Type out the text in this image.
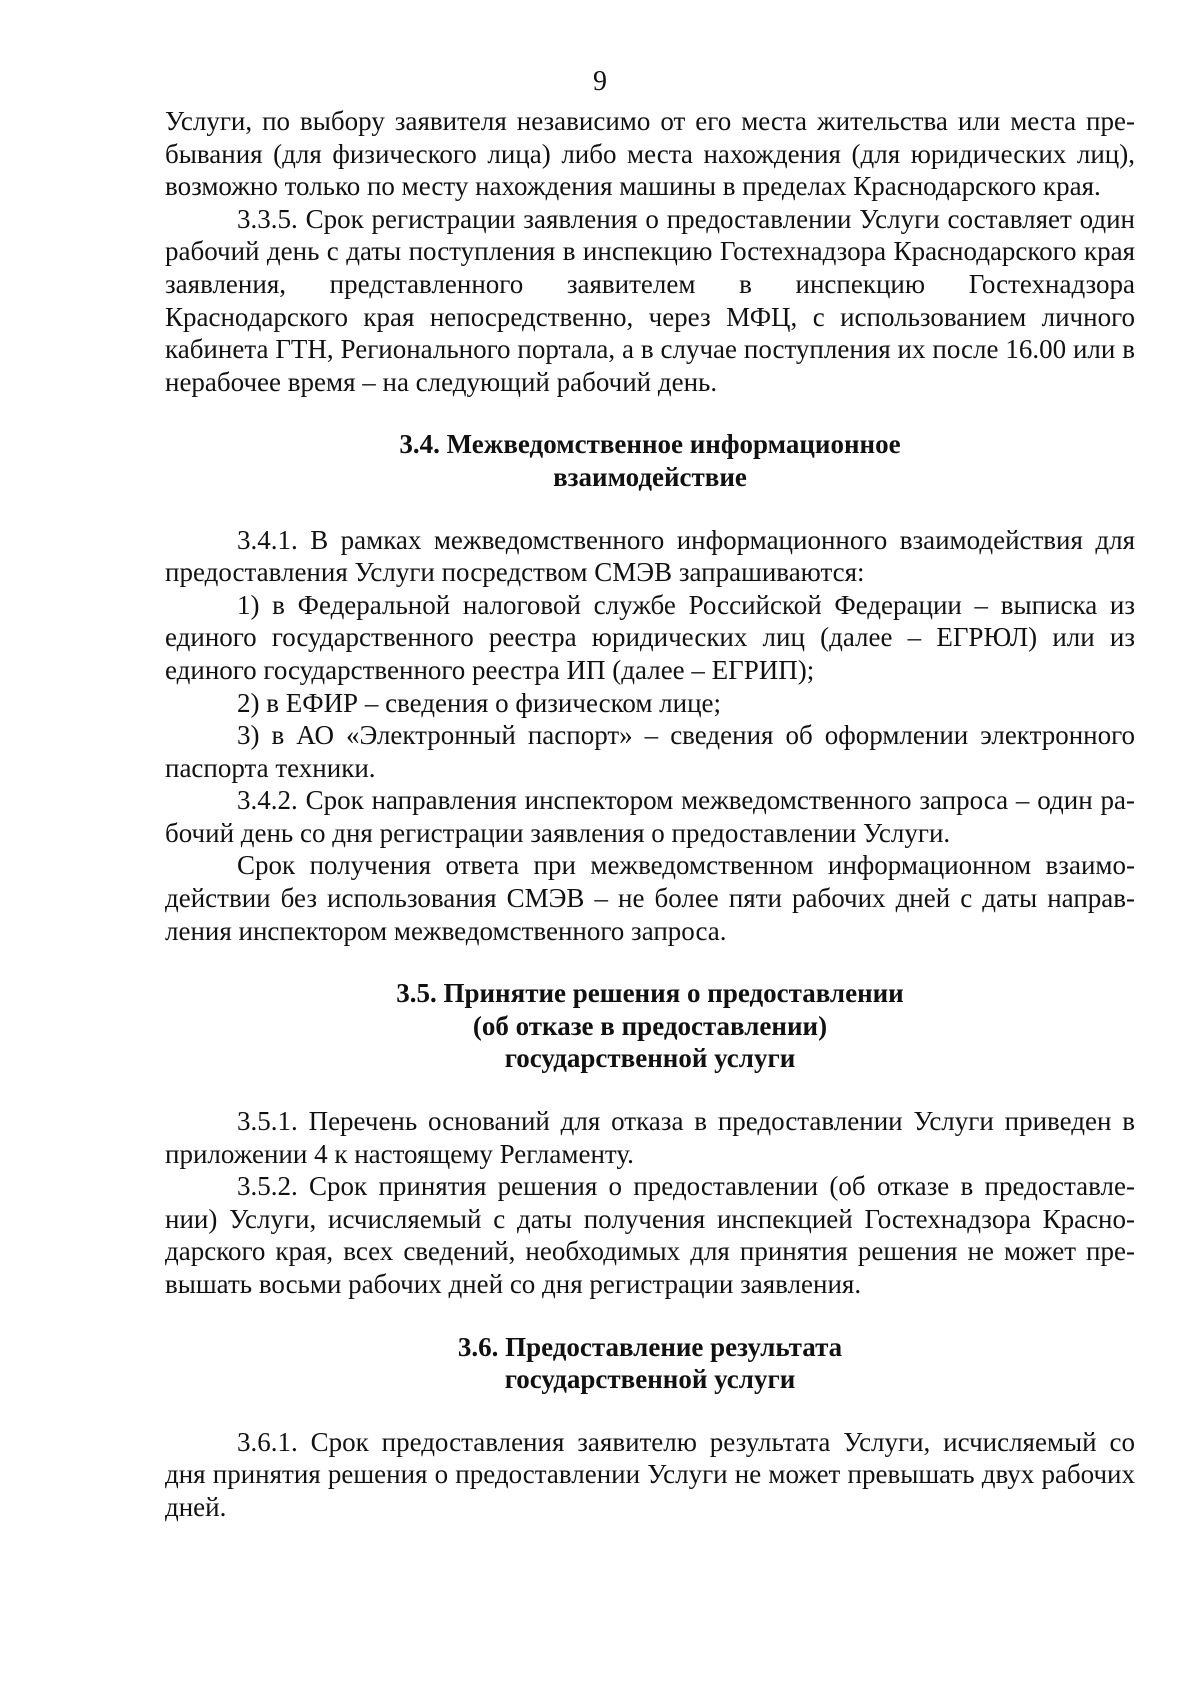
9

Услуги, по выбору заявителя независимо от его места жительства или места пребывания (для физического лица) либо места нахождения (для юридических лиц), возможно только по месту нахождения машины в пределах Краснодарского края.

3.3.5. Срок регистрации заявления о предоставлении Услуги составляет один рабочий день с даты поступления в инспекцию Гостехнадзора Краснодарского края заявления, представленного заявителем в инспекцию Гостехнадзора Краснодарского края непосредственно, через МФЦ, с использованием личного кабинета ГТН, Регионального портала, а в случае поступления их после 16.00 или в нерабочее время – на следующий рабочий день.

3.4. Межведомственное информационное
взаимодействие

3.4.1. В рамках межведомственного информационного взаимодействия для предоставления Услуги посредством СМЭВ запрашиваются:

1) в Федеральной налоговой службе Российской Федерации – выписка из единого государственного реестра юридических лиц (далее – ЕГРЮЛ) или из единого государственного реестра ИП (далее – ЕГРИП);

2) в ЕФИР – сведения о физическом лице;

3) в АО «Электронный паспорт» – сведения об оформлении электронного паспорта техники.

3.4.2. Срок направления инспектором межведомственного запроса – один рабочий день со дня регистрации заявления о предоставлении Услуги.

Срок получения ответа при межведомственном информационном взаимодействии без использования СМЭВ – не более пяти рабочих дней с даты направления инспектором межведомственного запроса.

3.5. Принятие решения о предоставлении
(об отказе в предоставлении)
государственной услуги

3.5.1. Перечень оснований для отказа в предоставлении Услуги приведен в приложении 4 к настоящему Регламенту.

3.5.2. Срок принятия решения о предоставлении (об отказе в предоставлении) Услуги, исчисляемый с даты получения инспекцией Гостехнадзора Краснодарского края, всех сведений, необходимых для принятия решения не может превышать восьми рабочих дней со дня регистрации заявления.

3.6. Предоставление результата
государственной услуги

3.6.1. Срок предоставления заявителю результата Услуги, исчисляемый со дня принятия решения о предоставлении Услуги не может превышать двух рабочих дней.
